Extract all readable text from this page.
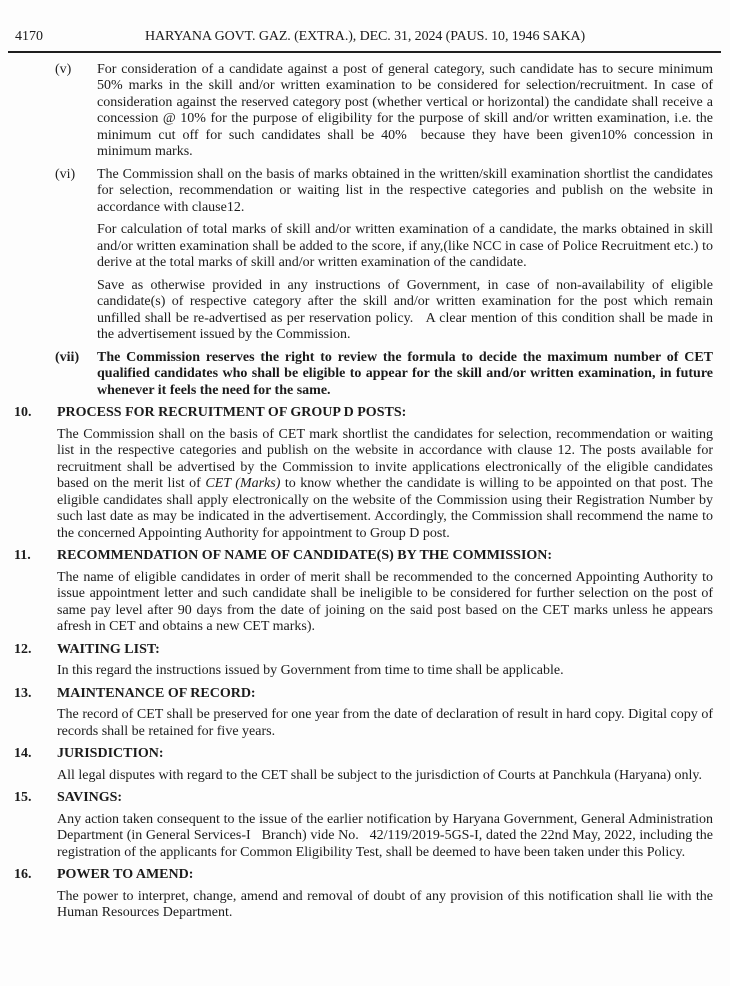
4170	HARYANA GOVT. GAZ. (EXTRA.), DEC. 31, 2024 (PAUS. 10, 1946 SAKA)
(v)	For consideration of a candidate against a post of general category, such candidate has to secure minimum 50% marks in the skill and/or written examination to be considered for selection/recruitment. In case of consideration against the reserved category post (whether vertical or horizontal) the candidate shall receive a concession @ 10% for the purpose of eligibility for the purpose of skill and/or written examination, i.e. the minimum cut off for such candidates shall be 40%  because they have been given10% concession in minimum marks.

(vi)	The Commission shall on the basis of marks obtained in the written/skill examination shortlist the candidates for selection, recommendation or waiting list in the respective categories and publish on the website in accordance with clause12.

For calculation of total marks of skill and/or written examination of a candidate, the marks obtained in skill and/or written examination shall be added to the score, if any,(like NCC in case of Police Recruitment etc.) to derive at the total marks of skill and/or written examination of the candidate.

Save as otherwise provided in any instructions of Government, in case of non-availability of eligible candidate(s) of respective category after the skill and/or written examination for the post which remain unfilled shall be re-advertised as per reservation policy.   A clear mention of this condition shall be made in the advertisement issued by the Commission.

(vii)	The Commission reserves the right to review the formula to decide the maximum number of CET qualified candidates who shall be eligible to appear for the skill and/or written examination, in future whenever it feels the need for the same.

10.	PROCESS FOR RECRUITMENT OF GROUP D POSTS:

The Commission shall on the basis of CET mark shortlist the candidates for selection, recommendation or waiting list in the respective categories and publish on the website in accordance with clause 12. The posts available for recruitment shall be advertised by the Commission to invite applications electronically of the eligible candidates based on the merit list of CET (Marks) to know whether the candidate is willing to be appointed on that post. The eligible candidates shall apply electronically on the website of the Commission using their Registration Number by such last date as may be indicated in the advertisement. Accordingly, the Commission shall recommend the name to the concerned Appointing Authority for appointment to Group D post.

11.	RECOMMENDATION OF NAME OF CANDIDATE(S) BY THE COMMISSION:

The name of eligible candidates in order of merit shall be recommended to the concerned Appointing Authority to issue appointment letter and such candidate shall be ineligible to be considered for further selection on the post of same pay level after 90 days from the date of joining on the said post based on the CET marks unless he appears afresh in CET and obtains a new CET marks).

12.	WAITING LIST:

In this regard the instructions issued by Government from time to time shall be applicable.

13.	MAINTENANCE OF RECORD:

The record of CET shall be preserved for one year from the date of declaration of result in hard copy. Digital copy of records shall be retained for five years.

14.	JURISDICTION:

All legal disputes with regard to the CET shall be subject to the jurisdiction of Courts at Panchkula (Haryana) only.

15.	SAVINGS:

Any action taken consequent to the issue of the earlier notification by Haryana Government, General Administration Department (in General Services-I   Branch) vide No.   42/119/2019-5GS-I, dated the 22nd May, 2022, including the registration of the applicants for Common Eligibility Test, shall be deemed to have been taken under this Policy.

16.	POWER TO AMEND:

The power to interpret, change, amend and removal of doubt of any provision of this notification shall lie with the Human Resources Department.
